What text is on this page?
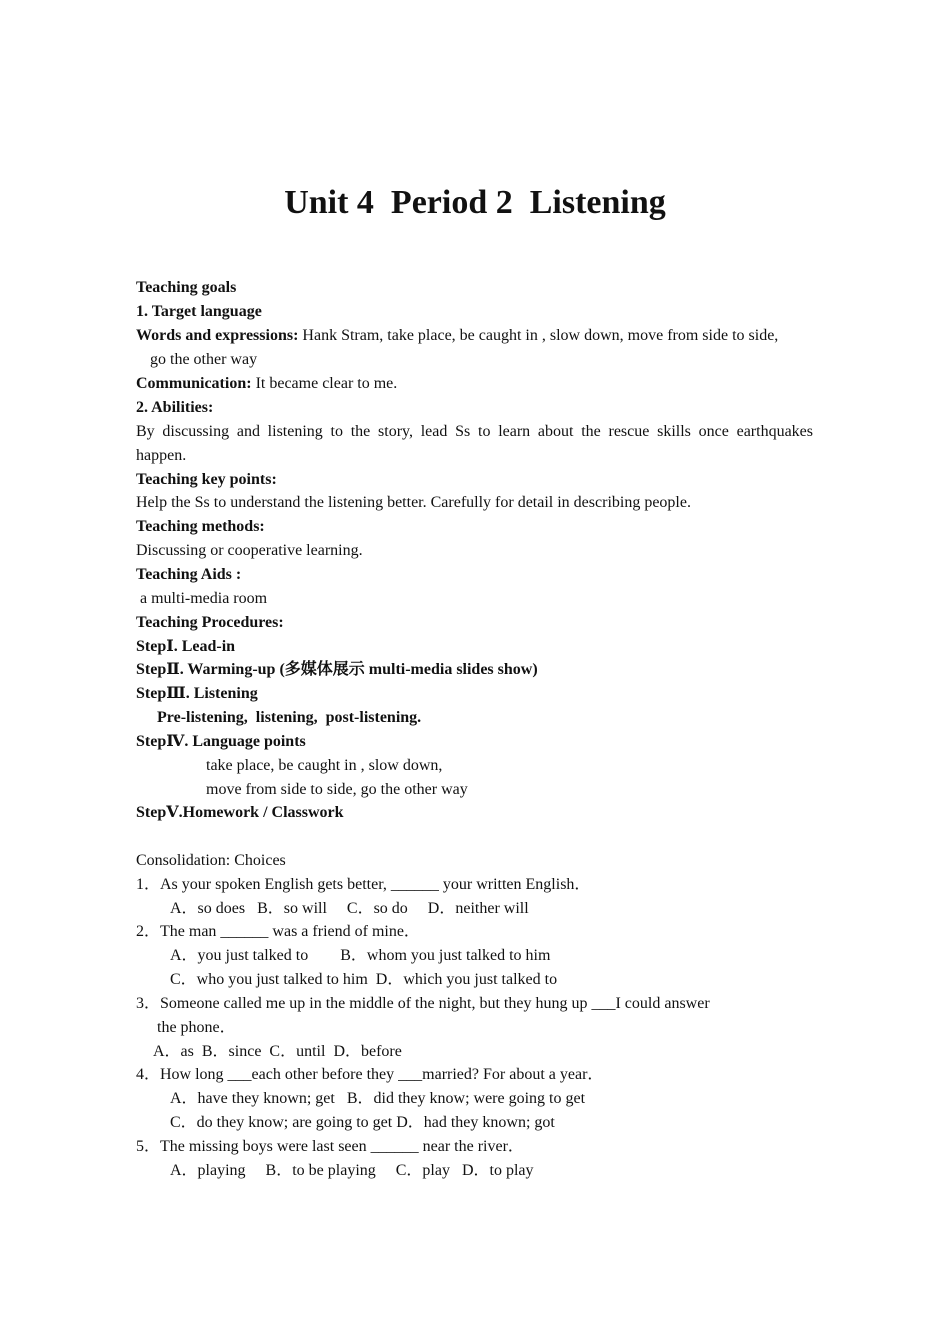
Unit 4  Period 2  Listening
Teaching goals
1. Target language
Words and expressions: Hank Stram, take place, be caught in , slow down, move from side to side,
go the other way
Communication: It became clear to me.
2. Abilities:
By discussing and listening to the story, lead Ss to learn about the rescue skills once earthquakes
happen.
Teaching key points:
Help the Ss to understand the listening better. Carefully for detail in describing people.
Teaching methods:
Discussing or cooperative learning.
Teaching Aids :
a multi-media room
Teaching Procedures:
StepⅠ. Lead-in
StepⅡ. Warming-up (多媒体展示 multi-media slides show)
StepⅢ. Listening
Pre-listening,  listening,  post-listening.
StepⅣ. Language points
take place, be caught in , slow down,
move from side to side, go the other way
StepⅤ.Homework / Classwork
Consolidation: Choices
1．As your spoken English gets better, ______ your written English．
A．so does   B．so will     C．so do     D．neither will
2．The man ______ was a friend of mine．
A．you just talked to        B．whom you just talked to him
C．who you just talked to him  D．which you just talked to
3．Someone called me up in the middle of the night, but they hung up ___I could answer
the phone．
A．as  B．since  C．until  D．before
4．How long ___each other before they ___married? For about a year．
A．have they known; get   B．did they know; were going to get
C．do they know; are going to get D．had they known; got
5．The missing boys were last seen ______ near the river．
A．playing     B．to be playing     C．play   D．to play
